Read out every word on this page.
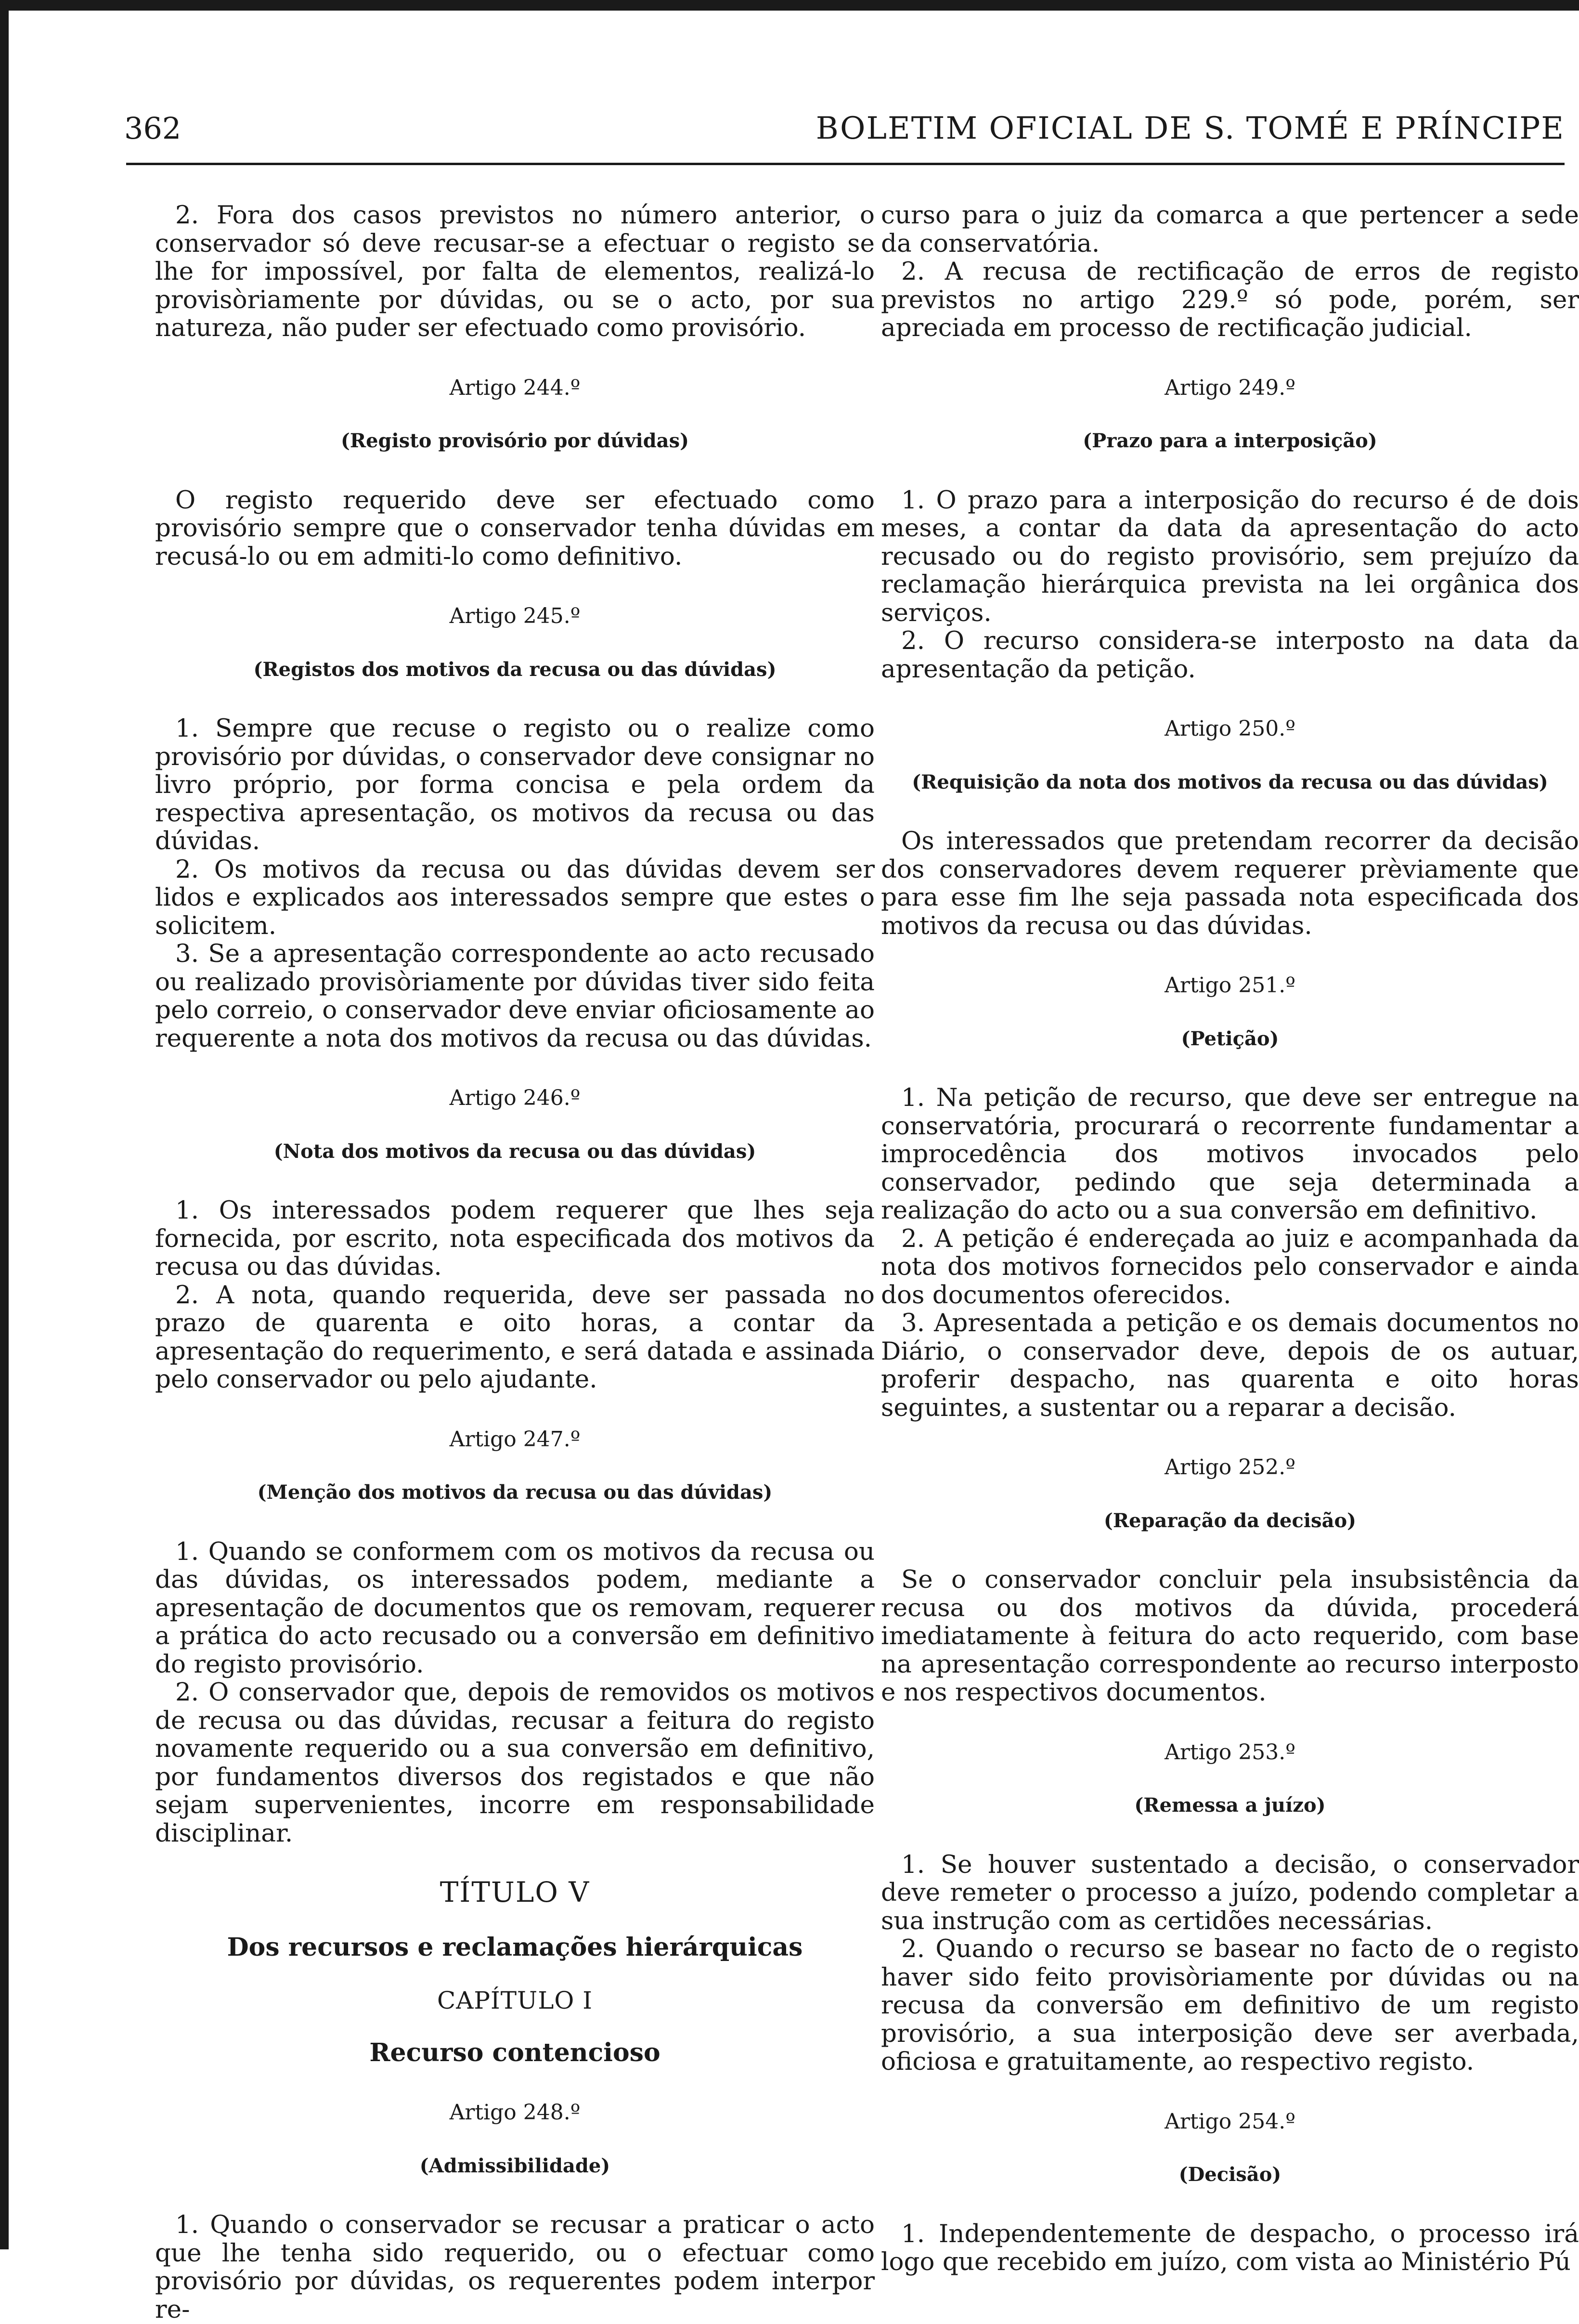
362	BOLETIM OFICIAL DE S. TOMÉ E PRÍNCIPE

2. Fora dos casos previstos no número anterior, o conservador só deve recusar-se a efectuar o registo se lhe for impossível, por falta de elementos, realizá-lo provisòriamente por dúvidas, ou se o acto, por sua natureza, não puder ser efectuado como provisório.

Artigo 244.º
(Registo provisório por dúvidas)

O registo requerido deve ser efectuado como provisório sempre que o conservador tenha dúvidas em recusá-lo ou em admiti-lo como definitivo.

Artigo 245.º
(Registos dos motivos da recusa ou das dúvidas)

1. Sempre que recuse o registo ou o realize como provisório por dúvidas, o conservador deve consignar no livro próprio, por forma concisa e pela ordem da respectiva apresentação, os motivos da recusa ou das dúvidas.

2. Os motivos da recusa ou das dúvidas devem ser lidos e explicados aos interessados sempre que estes o solicitem.

3. Se a apresentação correspondente ao acto recusado ou realizado provisòriamente por dúvidas tiver sido feita pelo correio, o conservador deve enviar oficiosamente ao requerente a nota dos motivos da recusa ou das dúvidas.

Artigo 246.º
(Nota dos motivos da recusa ou das dúvidas)

1. Os interessados podem requerer que lhes seja fornecida, por escrito, nota especificada dos motivos da recusa ou das dúvidas.

2. A nota, quando requerida, deve ser passada no prazo de quarenta e oito horas, a contar da apresentação do requerimento, e será datada e assinada pelo conservador ou pelo ajudante.

Artigo 247.º
(Menção dos motivos da recusa ou das dúvidas)

1. Quando se conformem com os motivos da recusa ou das dúvidas, os interessados podem, mediante a apresentação de documentos que os removam, requerer a prática do acto recusado ou a conversão em definitivo do registo provisório.

2. O conservador que, depois de removidos os motivos de recusa ou das dúvidas, recusar a feitura do registo novamente requerido ou a sua conversão em definitivo, por fundamentos diversos dos registados e que não sejam supervenientes, incorre em responsabilidade disciplinar.

TÍTULO V
Dos recursos e reclamações hierárquicas
CAPÍTULO I
Recurso contencioso
Artigo 248.º
(Admissibilidade)

1. Quando o conservador se recusar a praticar o acto que lhe tenha sido requerido, ou o efectuar como provisório por dúvidas, os requerentes podem interpor re-

curso para o juiz da comarca a que pertencer a sede da conservatória.

2. A recusa de rectificação de erros de registo previstos no artigo 229.º só pode, porém, ser apreciada em processo de rectificação judicial.

Artigo 249.º
(Prazo para a interposição)

1. O prazo para a interposição do recurso é de dois meses, a contar da data da apresentação do acto recusado ou do registo provisório, sem prejuízo da reclamação hierárquica prevista na lei orgânica dos serviços.

2. O recurso considera-se interposto na data da apresentação da petição.

Artigo 250.º
(Requisição da nota dos motivos da recusa ou das dúvidas)

Os interessados que pretendam recorrer da decisão dos conservadores devem requerer prèviamente que para esse fim lhe seja passada nota especificada dos motivos da recusa ou das dúvidas.

Artigo 251.º
(Petição)

1. Na petição de recurso, que deve ser entregue na conservatória, procurará o recorrente fundamentar a improcedência dos motivos invocados pelo conservador, pedindo que seja determinada a realização do acto ou a sua conversão em definitivo.

2. A petição é endereçada ao juiz e acompanhada da nota dos motivos fornecidos pelo conservador e ainda dos documentos oferecidos.

3. Apresentada a petição e os demais documentos no Diário, o conservador deve, depois de os autuar, proferir despacho, nas quarenta e oito horas seguintes, a sustentar ou a reparar a decisão.

Artigo 252.º
(Reparação da decisão)

Se o conservador concluir pela insubsistência da recusa ou dos motivos da dúvida, procederá imediatamente à feitura do acto requerido, com base na apresentação correspondente ao recurso interposto e nos respectivos documentos.

Artigo 253.º
(Remessa a juízo)

1. Se houver sustentado a decisão, o conservador deve remeter o processo a juízo, podendo completar a sua instrução com as certidões necessárias.

2. Quando o recurso se basear no facto de o registo haver sido feito provisòriamente por dúvidas ou na recusa da conversão em definitivo de um registo provisório, a sua interposição deve ser averbada, oficiosa e gratuitamente, ao respectivo registo.

Artigo 254.º
(Decisão)

1. Independentemente de despacho, o processo irá logo que recebido em juízo, com vista ao Ministério Pú
